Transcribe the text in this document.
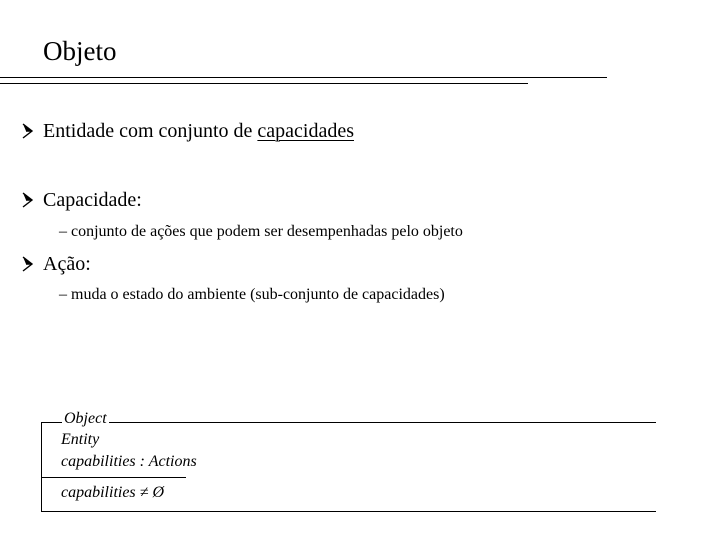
Objeto
Entidade com conjunto de capacidades
Capacidade:
– conjunto de ações que podem ser desempenhadas pelo objeto
Ação:
– muda o estado do ambiente (sub-conjunto de capacidades)
Object
Entity
capabilities : Actions
capabilities ≠ Ø
